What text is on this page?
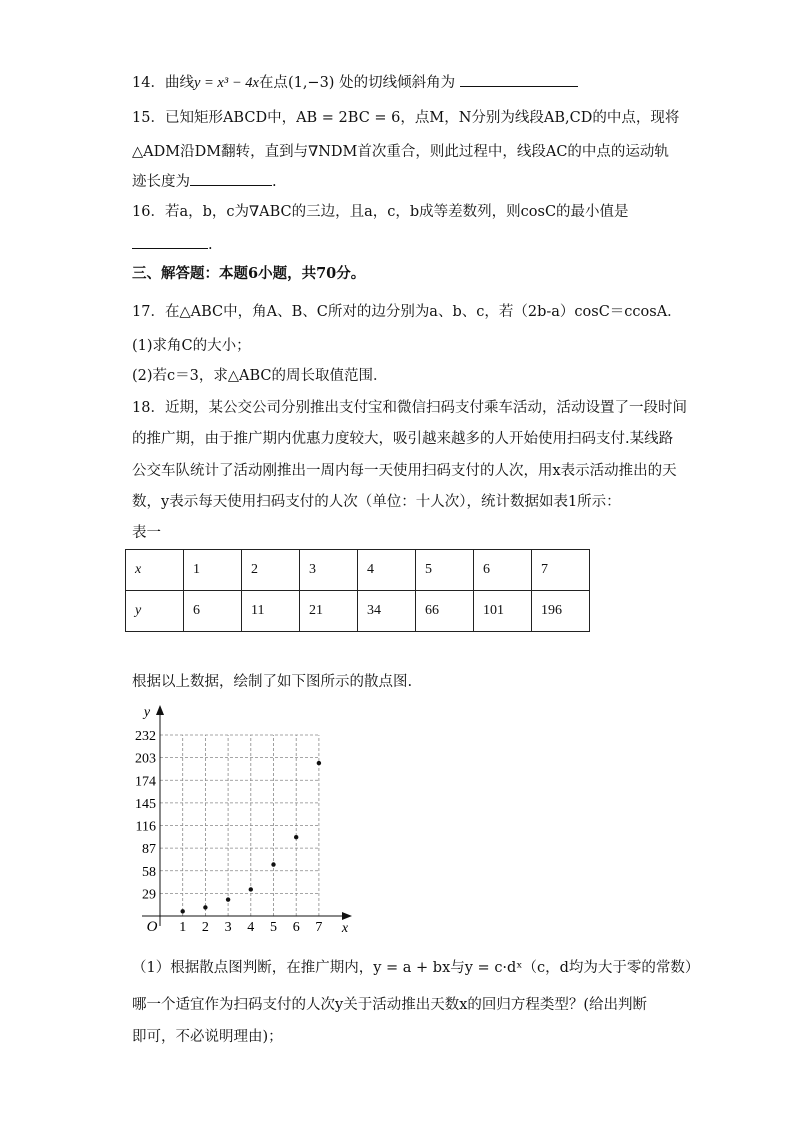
14．曲线y = x³ − 4x在点(1,−3) 处的切线倾斜角为
15．已知矩形ABCD中，AB = 2BC = 6，点M，N分别为线段AB,CD的中点，现将
△ADM沿DM翻转，直到与∇NDM首次重合，则此过程中，线段AC的中点的运动轨
迹长度为	.
16．若a，b，c为∇ABC的三边，且a，c，b成等差数列，则cosC的最小值是
.
三、解答题：本题6小题，共70分。
17．在△ABC中，角A、B、C所对的边分别为a、b、c，若（2b-a）cosC＝ccosA．
(1)求角C的大小；
(2)若c＝3，求△ABC的周长取值范围．
18．近期，某公交公司分别推出支付宝和微信扫码支付乘车活动，活动设置了一段时间
的推广期，由于推广期内优惠力度较大，吸引越来越多的人开始使用扫码支付.某线路
公交车队统计了活动刚推出一周内每一天使用扫码支付的人次，用x表示活动推出的天
数，y表示每天使用扫码支付的人次（单位：十人次），统计数据如表1所示：
表一
x	1	2	3	4	5	6	7
y	6	11	21	34	66	101	196
根据以上数据，绘制了如下图所示的散点图.
y
x
O
29
58
87
116
145
174
203
232
1 2 3 4 5 6 7
（1）根据散点图判断，在推广期内，y = a + bx与y = c·dˣ（c，d均为大于零的常数）
哪一个适宜作为扫码支付的人次y关于活动推出天数x的回归方程类型？(给出判断
即可，不必说明理由)；
